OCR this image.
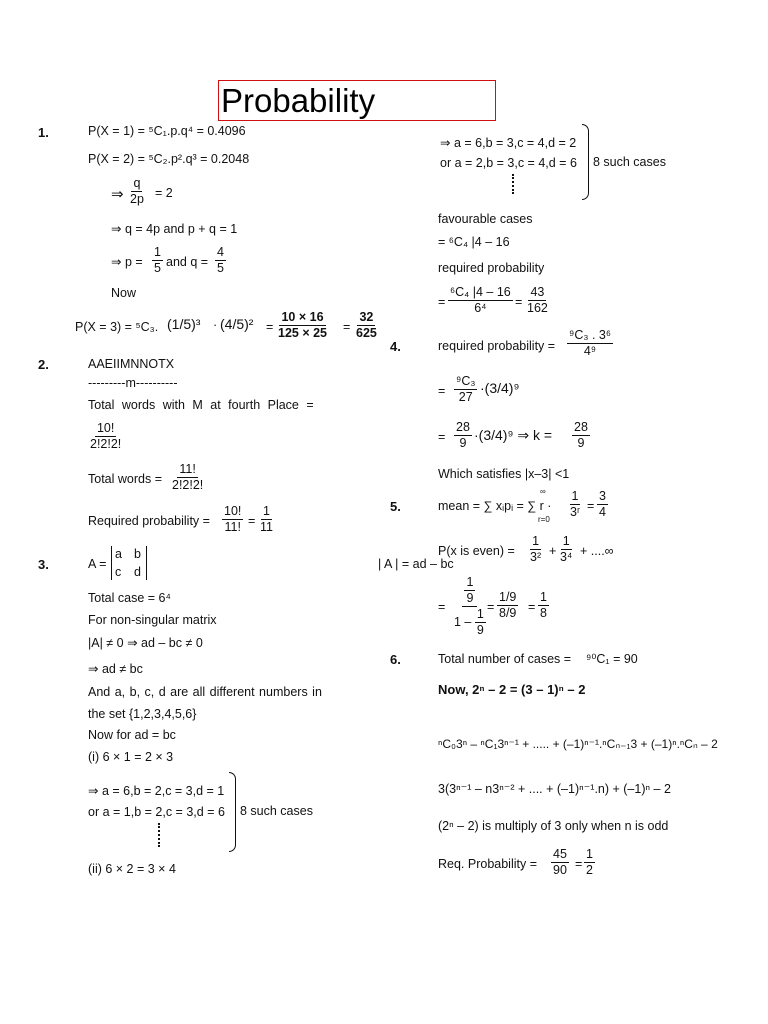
Probability
1.	P(X = 1) = ⁵C₁.p.q⁴ = 0.4096
P(X = 2) = ⁵C₂.p².q³ = 0.2048
⇒ $\frac{q}{2p} = 2$
⇒ q = 4p and p + q = 1
⇒ $p = \frac{1}{5}$ and $q = \frac{4}{5}$
Now
P(X = 3) = ⁵C₃. $(1/5)^3 \cdot (4/5)^2 = \frac{10 \times 16}{125 \times 25} = \frac{32}{625}$
2.	AAEIIMNNOTX
---------m----------
Total words with M at fourth Place =
$\frac{10!}{2!2!2!}$
Total words = $\frac{11!}{2!2!2!}$
Required probability = $\frac{10!}{11!} = \frac{1}{11}$
3.	A =
a b
c d
Total case = 6⁴
For non-singular matrix
|A| ≠ 0 ⇒ ad – bc ≠ 0
⇒ ad ≠ bc
And a, b, c, d are all different numbers in
the set {1,2,3,4,5,6}
Now for ad = bc
(i) 6 × 1 = 2 × 3
⇒ a = 6,b = 2,c = 3,d = 1
or a = 1,b = 2,c = 3,d = 6 8 such cases
(ii) 6 × 2 = 3 × 4
⇒ a = 6,b = 3,c = 4,d = 2
or a = 2,b = 3,c = 4,d = 6 8 such cases
favourable cases
= ⁶C₄ |4 – 16
required probability
= $\frac{\text{⁶C₄ |4 – 16}}{\text{6⁴}} = \frac{43}{162}$
4.	required probability = $\frac{\text{⁹C₃ . 3⁶}}{\text{4⁹}}$
= $\frac{\text{⁹C₃}}{27} \cdot(3/4)^9$
= $\frac{28}{9} \cdot(3/4)^9$ ⇒ $k = \frac{28}{9}$
Which satisfies |x–3| <1
5.	mean = ∑ xᵢpᵢ = ∑ r ·
∞
r=0
$\frac{1}{\text{3ʳ}} = \frac{3}{4}$
P(x is even) = $\frac{1}{\text{3²}} + \frac{1}{\text{3⁴}}$ + ....∞
| A | = ad – bc
= $\frac{\frac{1}{9}}{1 - \frac{1}{9}} = \frac{1/9}{8/9} = \frac{1}{8}$
6.	Total number of cases = ⁹⁰C₁ = 90
Now, 2ⁿ – 2 = (3 – 1)ⁿ – 2
ⁿC₀3ⁿ – ⁿC₁3ⁿ⁻¹ + ..... + (–1)ⁿ⁻¹.ⁿCₙ₋₁3 + (–1)ⁿ.ⁿCₙ – 2
3(3ⁿ⁻¹ – n3ⁿ⁻² + .... + (–1)ⁿ⁻¹.n) + (–1)ⁿ – 2
(2ⁿ – 2) is multiply of 3 only when n is odd
Req. Probability = $\frac{45}{90} = \frac{1}{2}$
